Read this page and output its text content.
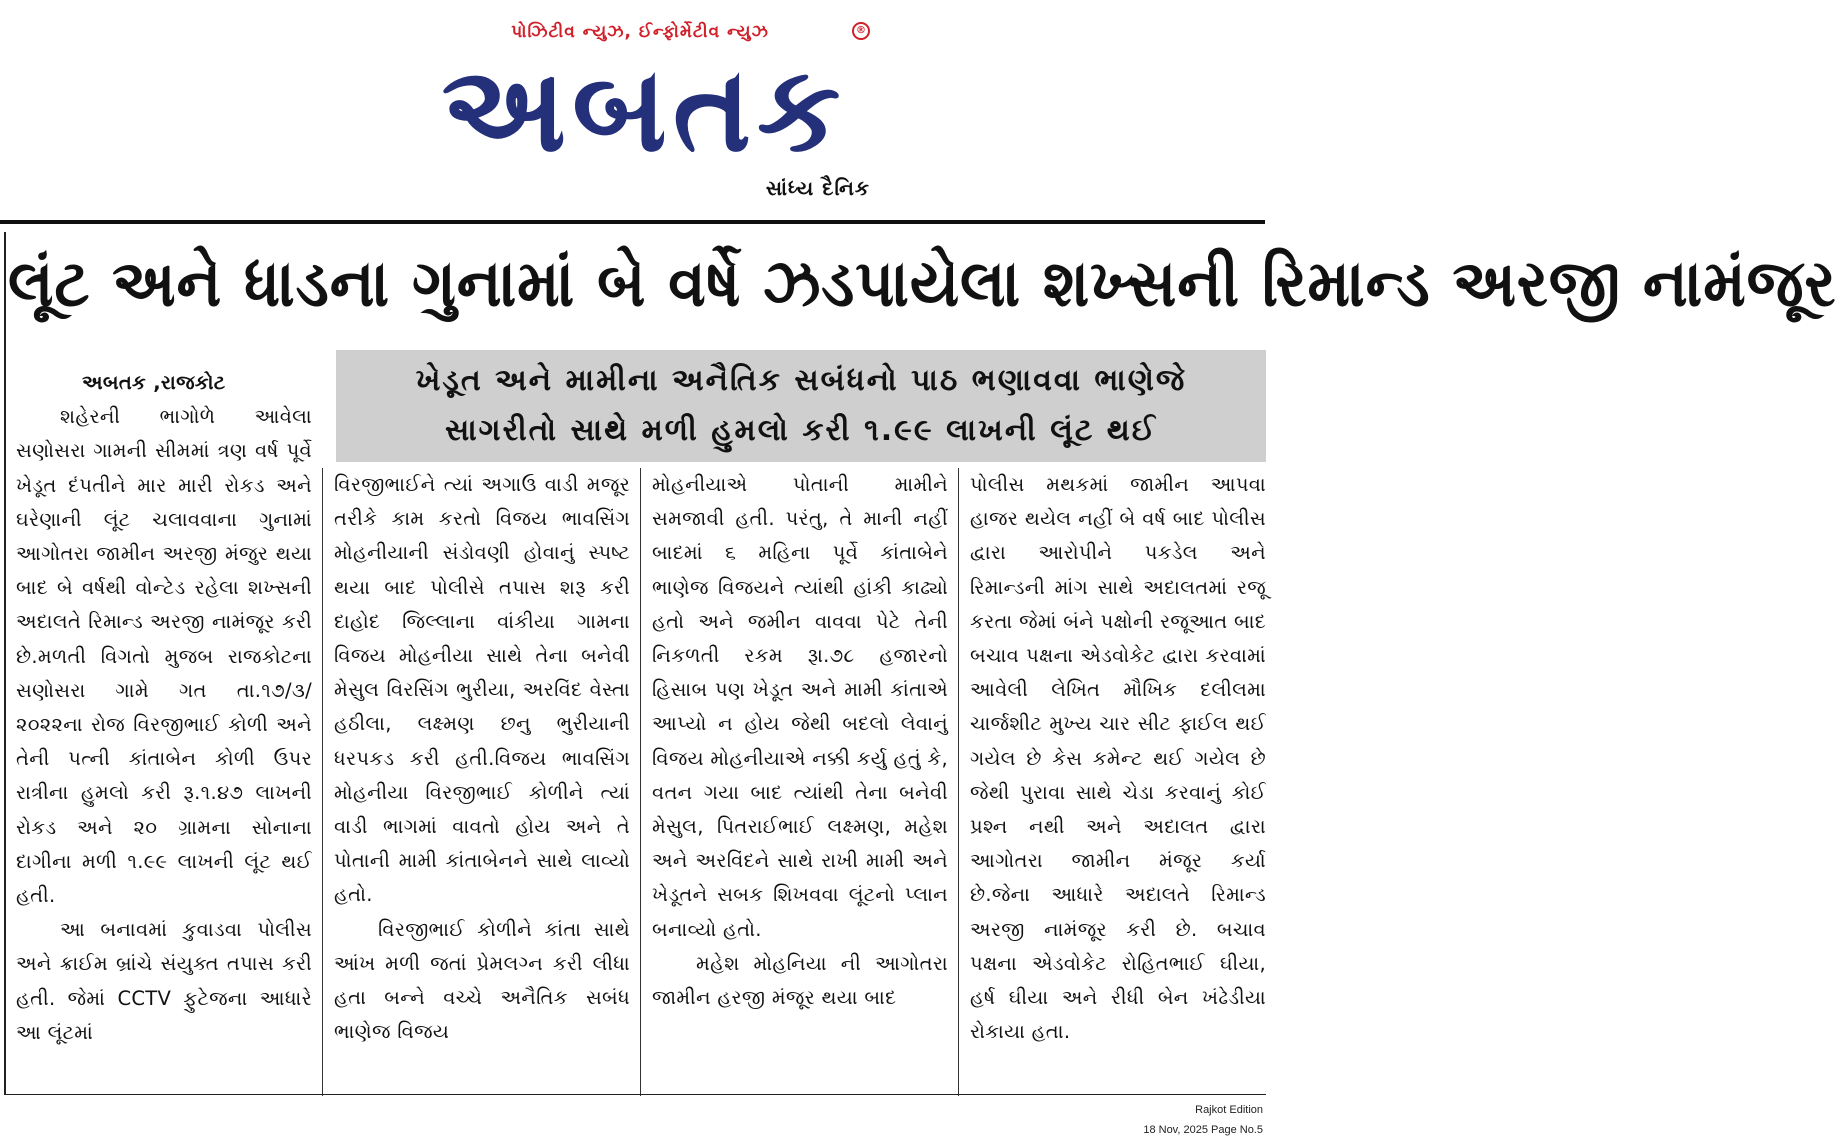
પોઝિટીવ ન્યુઝ, ઈન્ફોર્મેટીવ ન્યુઝ	®
અબતક
સાંધ્ય દૈનિક
લૂંટ અને ધાડના ગુનામાં બે વર્ષે ઝડપાયેલા શખ્સની રિમાન્ડ અરજી નામંજૂર
ખેડૂત અને મામીના અનૈતિક સબંધનો પાઠ ભણાવવા ભાણેજે
સાગરીતો સાથે મળી હુમલો કરી ૧.૯૯ લાખની લૂંટ થઈ

અબતક ,રાજકોટ

શહેરની ભાગોળે આવેલા સણોસરા ગામની સીમમાં ત્રણ વર્ષ પૂર્વે ખેડૂત દંપતીને માર મારી રોકડ અને ઘરેણાની લૂંટ ચલાવવાના ગુનામાં આગોતરા જામીન અરજી મંજુર થયા બાદ બે વર્ષથી વોન્ટેડ રહેલા શખ્સની અદાલતે રિમાન્ડ અરજી નામંજૂર કરી છે.મળતી વિગતો મુજબ રાજકોટના સણોસરા ગામે ગત તા.૧૭/૩/ ૨૦૨૨ના રોજ વિરજીભાઈ કોળી અને તેની પત્ની કાંતાબેન કોળી ઉપર રાત્રીના હુમલો કરી રૂ.૧.૪૭ લાખની રોકડ અને ૨૦ ગ્રામના સોનાના દાગીના મળી ૧.૯૯ લાખની લૂંટ થઈ હતી.

આ બનાવમાં કુવાડવા પોલીસ અને ક્રાઈમ બ્રાંચે સંયુક્ત તપાસ કરી હતી. જેમાં CCTV ફુટેજના આધારે આ લૂંટમાં

વિરજીભાઈને ત્યાં અગાઉ વાડી મજૂર તરીકે કામ કરતો વિજય ભાવસિંગ મોહનીયાની સંડોવણી હોવાનું સ્પષ્ટ થયા બાદ પોલીસે તપાસ શરૂ કરી દાહોદ જિલ્લાના વાંકીયા ગામના વિજય મોહનીયા સાથે તેના બનેવી મેસુલ વિરસિંગ ભુરીયા, અરવિંદ વેસ્તા હઠીલા, લક્ષ્મણ છનુ ભુરીયાની ધરપકડ કરી હતી.વિજય ભાવસિંગ મોહનીયા વિરજીભાઈ કોળીને ત્યાં વાડી ભાગમાં વાવતો હોય અને તે પોતાની મામી કાંતાબેનને સાથે લાવ્યો હતો.

વિરજીભાઈ કોળીને કાંતા સાથે આંખ મળી જતાં પ્રેમલગ્ન કરી લીધા હતા બન્ને વચ્ચે અનૈતિક સબંધ ભાણેજ વિજય

મોહનીયાએ પોતાની મામીને સમજાવી હતી. પરંતુ, તે માની નહીં બાદમાં ૬ મહિના પૂર્વે કાંતાબેને ભાણેજ વિજયને ત્યાંથી હાંકી કાઢ્યો હતો અને જમીન વાવવા પેટે તેની નિકળતી રકમ રૂા.૭૮ હજારનો હિસાબ પણ ખેડૂત અને મામી કાંતાએ આપ્યો ન હોય જેથી બદલો લેવાનું વિજય મોહનીયાએ નક્કી કર્યુ હતું કે, વતન ગયા બાદ ત્યાંથી તેના બનેવી મેસુલ, પિતરાઈભાઈ લક્ષ્મણ, મહેશ અને અરવિંદને સાથે રાખી મામી અને ખેડૂતને સબક શિખવવા લૂંટનો પ્લાન બનાવ્યો હતો.

મહેશ મોહનિયા ની આગોતરા જામીન હરજી મંજૂર થયા બાદ

પોલીસ મથકમાં જામીન આપવા હાજર થયેલ નહીં બે વર્ષ બાદ પોલીસ દ્વારા આરોપીને પકડેલ અને રિમાન્ડની માંગ સાથે અદાલતમાં રજૂ કરતા જેમાં બંને પક્ષોની રજૂઆત બાદ બચાવ પક્ષના એડવોકેટ દ્વારા કરવામાં આવેલી લેખિત મૌખિક દલીલમા ચાર્જશીટ મુખ્ય ચાર સીટ ફાઈલ થઈ ગયેલ છે કેસ કમેન્ટ થઈ ગયેલ છે જેથી પુરાવા સાથે ચેડા કરવાનું કોઈ પ્રશ્ન નથી અને અદાલત દ્વારા આગોતરા જામીન મંજૂર કર્યા છે.જેના આધારે અદાલતે રિમાન્ડ અરજી નામંજૂર કરી છે. બચાવ પક્ષના એડવોકેટ રોહિતભાઈ ઘીયા, હર્ષ ઘીયા અને રીધી બેન ખંઢેડીયા રોકાયા હતા.

Rajkot Edition
18 Nov, 2025 Page No.5
